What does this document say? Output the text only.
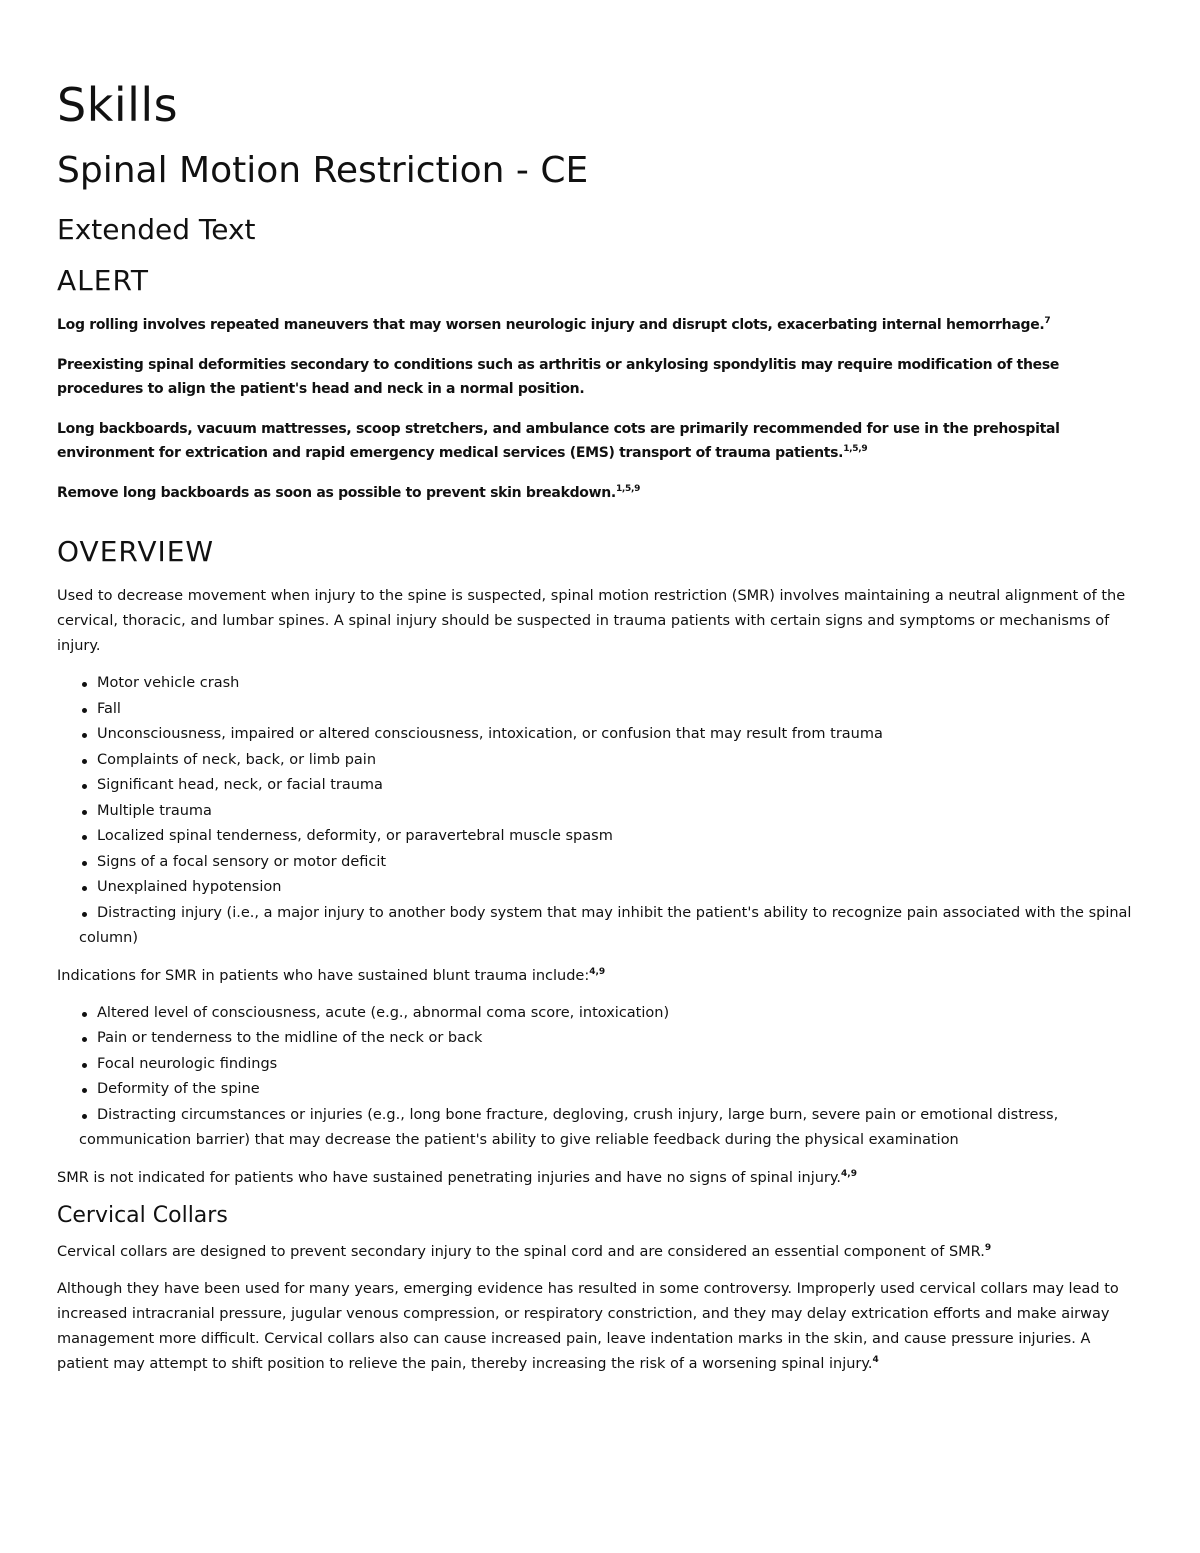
Skills
Spinal Motion Restriction - CE
Extended Text
ALERT

Log rolling involves repeated maneuvers that may worsen neurologic injury and disrupt clots, exacerbating internal hemorrhage.$^7$

Preexisting spinal deformities secondary to conditions such as arthritis or ankylosing spondylitis may require modification of these procedures to align the patient's head and neck in a normal position.

Long backboards, vacuum mattresses, scoop stretchers, and ambulance cots are primarily recommended for use in the prehospital environment for extrication and rapid emergency medical services (EMS) transport of trauma patients.$^{1,5,9}$

Remove long backboards as soon as possible to prevent skin breakdown.$^{1,5,9}$

OVERVIEW

Used to decrease movement when injury to the spine is suspected, spinal motion restriction (SMR) involves maintaining a neutral alignment of the cervical, thoracic, and lumbar spines. A spinal injury should be suspected in trauma patients with certain signs and symptoms or mechanisms of injury.

Motor vehicle crash
Fall
Unconsciousness, impaired or altered consciousness, intoxication, or confusion that may result from trauma
Complaints of neck, back, or limb pain
Significant head, neck, or facial trauma
Multiple trauma
Localized spinal tenderness, deformity, or paravertebral muscle spasm
Signs of a focal sensory or motor deficit
Unexplained hypotension
Distracting injury (i.e., a major injury to another body system that may inhibit the patient's ability to recognize pain associated with the spinal column)

Indications for SMR in patients who have sustained blunt trauma include:$^{4,9}$

Altered level of consciousness, acute (e.g., abnormal coma score, intoxication)
Pain or tenderness to the midline of the neck or back
Focal neurologic findings
Deformity of the spine
Distracting circumstances or injuries (e.g., long bone fracture, degloving, crush injury, large burn, severe pain or emotional distress, communication barrier) that may decrease the patient's ability to give reliable feedback during the physical examination

SMR is not indicated for patients who have sustained penetrating injuries and have no signs of spinal injury.$^{4,9}$

Cervical Collars

Cervical collars are designed to prevent secondary injury to the spinal cord and are considered an essential component of SMR.$^9$

Although they have been used for many years, emerging evidence has resulted in some controversy. Improperly used cervical collars may lead to increased intracranial pressure, jugular venous compression, or respiratory constriction, and they may delay extrication efforts and make airway management more difficult. Cervical collars also can cause increased pain, leave indentation marks in the skin, and cause pressure injuries. A patient may attempt to shift position to relieve the pain, thereby increasing the risk of a worsening spinal injury.$^4$
